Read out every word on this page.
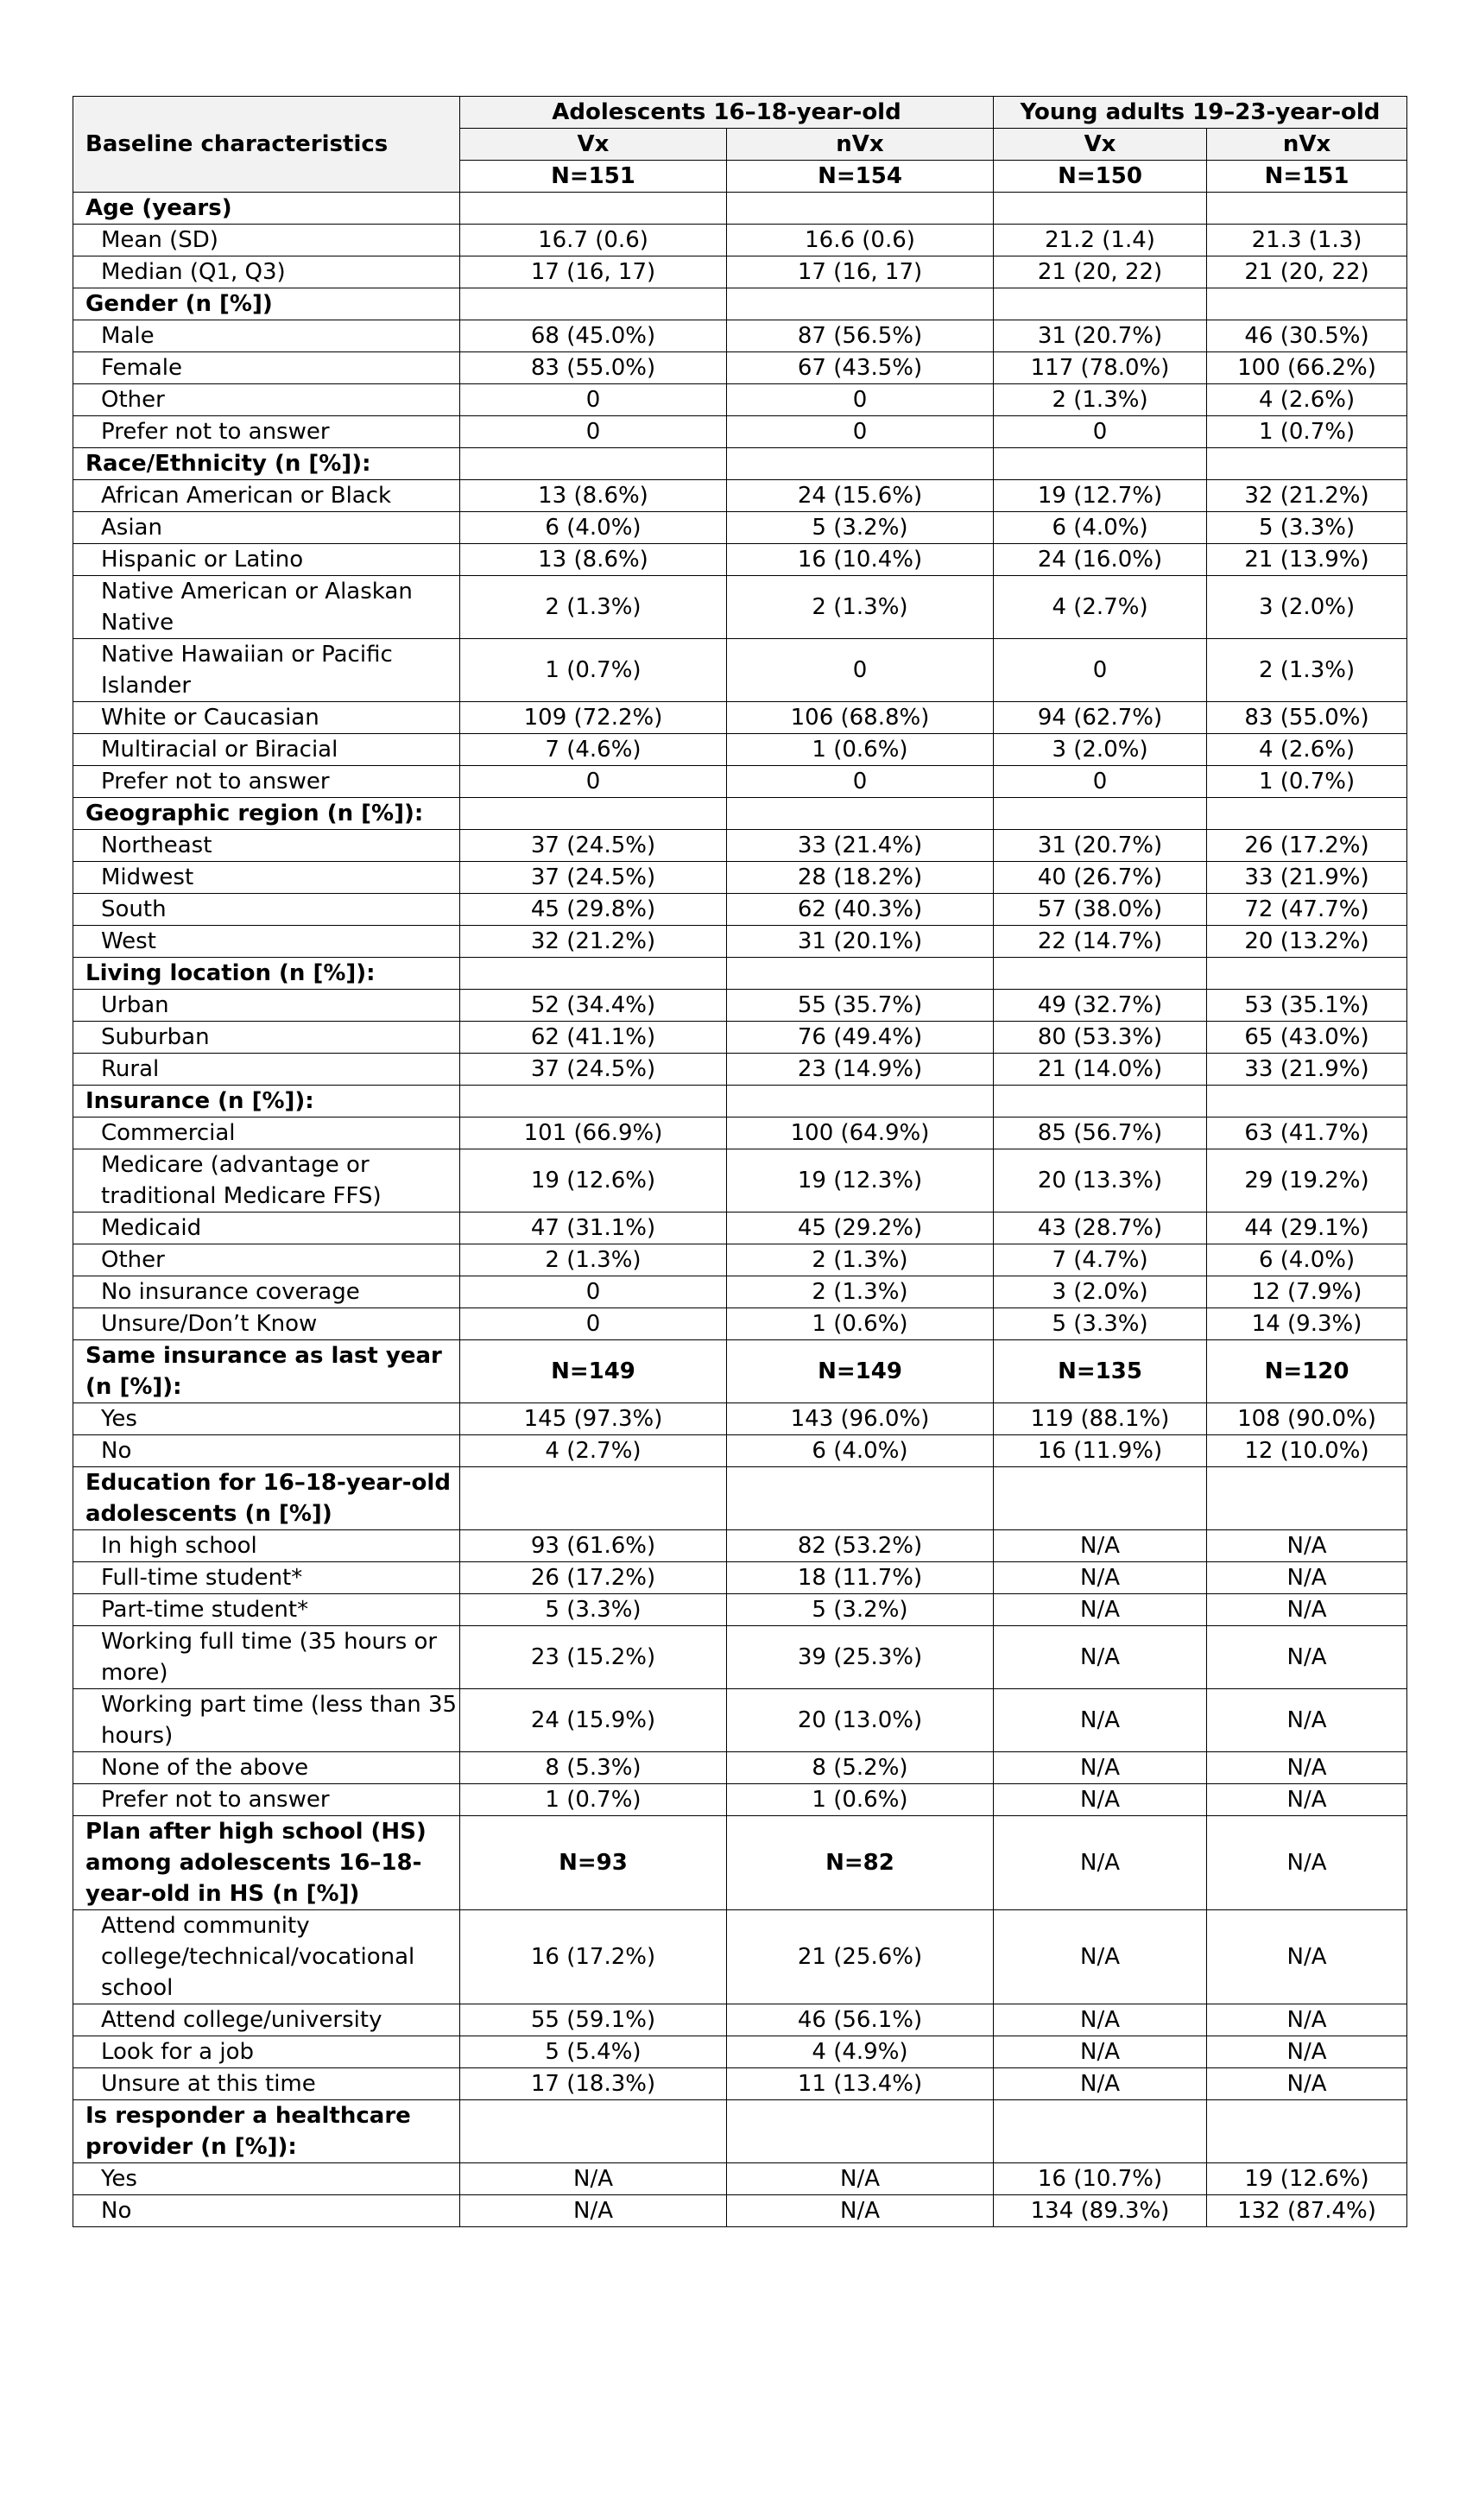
Baseline characteristics	Adolescents 16–18-year-old		Young adults 19–23-year-old	
	Vx	nVx	Vx	nVx
	N=151	N=154	N=150	N=151
Age (years)				
Mean (SD)	16.7 (0.6)	16.6 (0.6)	21.2 (1.4)	21.3 (1.3)
Median (Q1, Q3)	17 (16, 17)	17 (16, 17)	21 (20, 22)	21 (20, 22)
Gender (n [%])				
Male	68 (45.0%)	87 (56.5%)	31 (20.7%)	46 (30.5%)
Female	83 (55.0%)	67 (43.5%)	117 (78.0%)	100 (66.2%)
Other	0	0	2 (1.3%)	4 (2.6%)
Prefer not to answer	0	0	0	1 (0.7%)
Race/Ethnicity (n [%]):				
African American or Black	13 (8.6%)	24 (15.6%)	19 (12.7%)	32 (21.2%)
Asian	6 (4.0%)	5 (3.2%)	6 (4.0%)	5 (3.3%)
Hispanic or Latino	13 (8.6%)	16 (10.4%)	24 (16.0%)	21 (13.9%)
Native American or Alaskan Native	2 (1.3%)	2 (1.3%)	4 (2.7%)	3 (2.0%)
Native Hawaiian or Pacific Islander	1 (0.7%)	0	0	2 (1.3%)
White or Caucasian	109 (72.2%)	106 (68.8%)	94 (62.7%)	83 (55.0%)
Multiracial or Biracial	7 (4.6%)	1 (0.6%)	3 (2.0%)	4 (2.6%)
Prefer not to answer	0	0	0	1 (0.7%)
Geographic region (n [%]):				
Northeast	37 (24.5%)	33 (21.4%)	31 (20.7%)	26 (17.2%)
Midwest	37 (24.5%)	28 (18.2%)	40 (26.7%)	33 (21.9%)
South	45 (29.8%)	62 (40.3%)	57 (38.0%)	72 (47.7%)
West	32 (21.2%)	31 (20.1%)	22 (14.7%)	20 (13.2%)
Living location (n [%]):				
Urban	52 (34.4%)	55 (35.7%)	49 (32.7%)	53 (35.1%)
Suburban	62 (41.1%)	76 (49.4%)	80 (53.3%)	65 (43.0%)
Rural	37 (24.5%)	23 (14.9%)	21 (14.0%)	33 (21.9%)
Insurance (n [%]):				
Commercial	101 (66.9%)	100 (64.9%)	85 (56.7%)	63 (41.7%)
Medicare (advantage or traditional Medicare FFS)	19 (12.6%)	19 (12.3%)	20 (13.3%)	29 (19.2%)
Medicaid	47 (31.1%)	45 (29.2%)	43 (28.7%)	44 (29.1%)
Other	2 (1.3%)	2 (1.3%)	7 (4.7%)	6 (4.0%)
No insurance coverage	0	2 (1.3%)	3 (2.0%)	12 (7.9%)
Unsure/Don’t Know	0	1 (0.6%)	5 (3.3%)	14 (9.3%)
Same insurance as last year (n [%]):	N=149	N=149	N=135	N=120
Yes	145 (97.3%)	143 (96.0%)	119 (88.1%)	108 (90.0%)
No	4 (2.7%)	6 (4.0%)	16 (11.9%)	12 (10.0%)
Education for 16–18-year-old adolescents (n [%])				
In high school	93 (61.6%)	82 (53.2%)	N/A	N/A
Full-time student*	26 (17.2%)	18 (11.7%)	N/A	N/A
Part-time student*	5 (3.3%)	5 (3.2%)	N/A	N/A
Working full time (35 hours or more)	23 (15.2%)	39 (25.3%)	N/A	N/A
Working part time (less than 35 hours)	24 (15.9%)	20 (13.0%)	N/A	N/A
None of the above	8 (5.3%)	8 (5.2%)	N/A	N/A
Prefer not to answer	1 (0.7%)	1 (0.6%)	N/A	N/A
Plan after high school (HS) among adolescents 16–18-year-old in HS (n [%])	N=93	N=82	N/A	N/A
Attend community college/technical/vocational school	16 (17.2%)	21 (25.6%)	N/A	N/A
Attend college/university	55 (59.1%)	46 (56.1%)	N/A	N/A
Look for a job	5 (5.4%)	4 (4.9%)	N/A	N/A
Unsure at this time	17 (18.3%)	11 (13.4%)	N/A	N/A
Is responder a healthcare provider (n [%]):				
Yes	N/A	N/A	16 (10.7%)	19 (12.6%)
No	N/A	N/A	134 (89.3%)	132 (87.4%)
